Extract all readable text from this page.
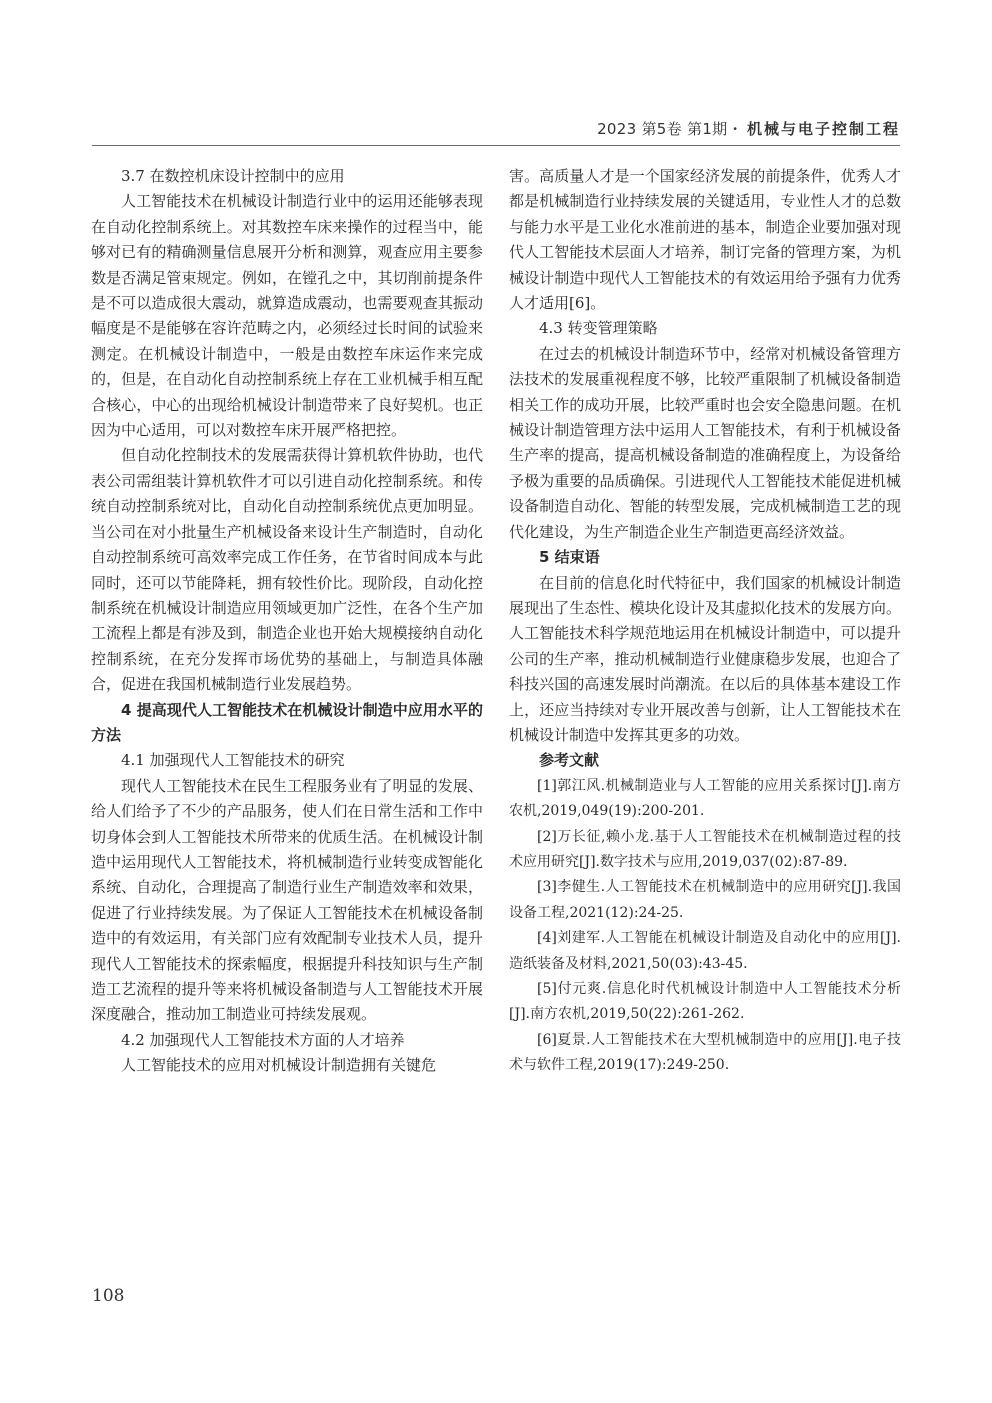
2023 第5卷 第1期 · 机械与电子控制工程
3.7 在数控机床设计控制中的应用

人工智能技术在机械设计制造行业中的运用还能够表现在自动化控制系统上。对其数控车床来操作的过程当中，能够对已有的精确测量信息展开分析和测算，观查应用主要参数是否满足管束规定。例如，在镗孔之中，其切削前提条件是不可以造成很大震动，就算造成震动，也需要观查其振动幅度是不是能够在容许范畴之内，必须经过长时间的试验来测定。在机械设计制造中，一般是由数控车床运作来完成的，但是，在自动化自动控制系统上存在工业机械手相互配合核心，中心的出现给机械设计制造带来了良好契机。也正因为中心适用，可以对数控车床开展严格把控。

但自动化控制技术的发展需获得计算机软件协助，也代表公司需组装计算机软件才可以引进自动化控制系统。和传统自动控制系统对比，自动化自动控制系统优点更加明显。当公司在对小批量生产机械设备来设计生产制造时，自动化自动控制系统可高效率完成工作任务，在节省时间成本与此同时，还可以节能降耗，拥有较性价比。现阶段，自动化控制系统在机械设计制造应用领域更加广泛性，在各个生产加工流程上都是有涉及到，制造企业也开始大规模接纳自动化控制系统，在充分发挥市场优势的基础上，与制造具体融合，促进在我国机械制造行业发展趋势。

4 提高现代人工智能技术在机械设计制造中应用水平的方法
4.1 加强现代人工智能技术的研究

现代人工智能技术在民生工程服务业有了明显的发展、给人们给予了不少的产品服务，使人们在日常生活和工作中切身体会到人工智能技术所带来的优质生活。在机械设计制造中运用现代人工智能技术，将机械制造行业转变成智能化系统、自动化，合理提高了制造行业生产制造效率和效果，促进了行业持续发展。为了保证人工智能技术在机械设备制造中的有效运用，有关部门应有效配制专业技术人员，提升现代人工智能技术的探索幅度，根据提升科技知识与生产制造工艺流程的提升等来将机械设备制造与人工智能技术开展深度融合，推动加工制造业可持续发展观。

4.2 加强现代人工智能技术方面的人才培养

人工智能技术的应用对机械设计制造拥有关键危

害。高质量人才是一个国家经济发展的前提条件，优秀人才都是机械制造行业持续发展的关键适用，专业性人才的总数与能力水平是工业化水准前进的基本，制造企业要加强对现代人工智能技术层面人才培养，制订完备的管理方案，为机械设计制造中现代人工智能技术的有效运用给予强有力优秀人才适用[6]。

4.3 转变管理策略

在过去的机械设计制造环节中，经常对机械设备管理方法技术的发展重视程度不够，比较严重限制了机械设备制造相关工作的成功开展，比较严重时也会安全隐患问题。在机械设计制造管理方法中运用人工智能技术，有利于机械设备生产率的提高，提高机械设备制造的准确程度上，为设备给予极为重要的品质确保。引进现代人工智能技术能促进机械设备制造自动化、智能的转型发展，完成机械制造工艺的现代化建设，为生产制造企业生产制造更高经济效益。

5 结束语

在目前的信息化时代特征中，我们国家的机械设计制造展现出了生态性、模块化设计及其虚拟化技术的发展方向。人工智能技术科学规范地运用在机械设计制造中，可以提升公司的生产率，推动机械制造行业健康稳步发展，也迎合了科技兴国的高速发展时尚潮流。在以后的具体基本建设工作上，还应当持续对专业开展改善与创新，让人工智能技术在机械设计制造中发挥其更多的功效。

参考文献

[1]郭江风.机械制造业与人工智能的应用关系探讨[J].南方农机,2019,049(19):200-201.

[2]万长征,赖小龙.基于人工智能技术在机械制造过程的技术应用研究[J].数字技术与应用,2019,037(02):87-89.

[3]李健生.人工智能技术在机械制造中的应用研究[J].我国设备工程,2021(12):24-25.

[4]刘建军.人工智能在机械设计制造及自动化中的应用[J].造纸装备及材料,2021,50(03):43-45.

[5]付元爽.信息化时代机械设计制造中人工智能技术分析[J].南方农机,2019,50(22):261-262.

[6]夏景.人工智能技术在大型机械制造中的应用[J].电子技术与软件工程,2019(17):249-250.

108
